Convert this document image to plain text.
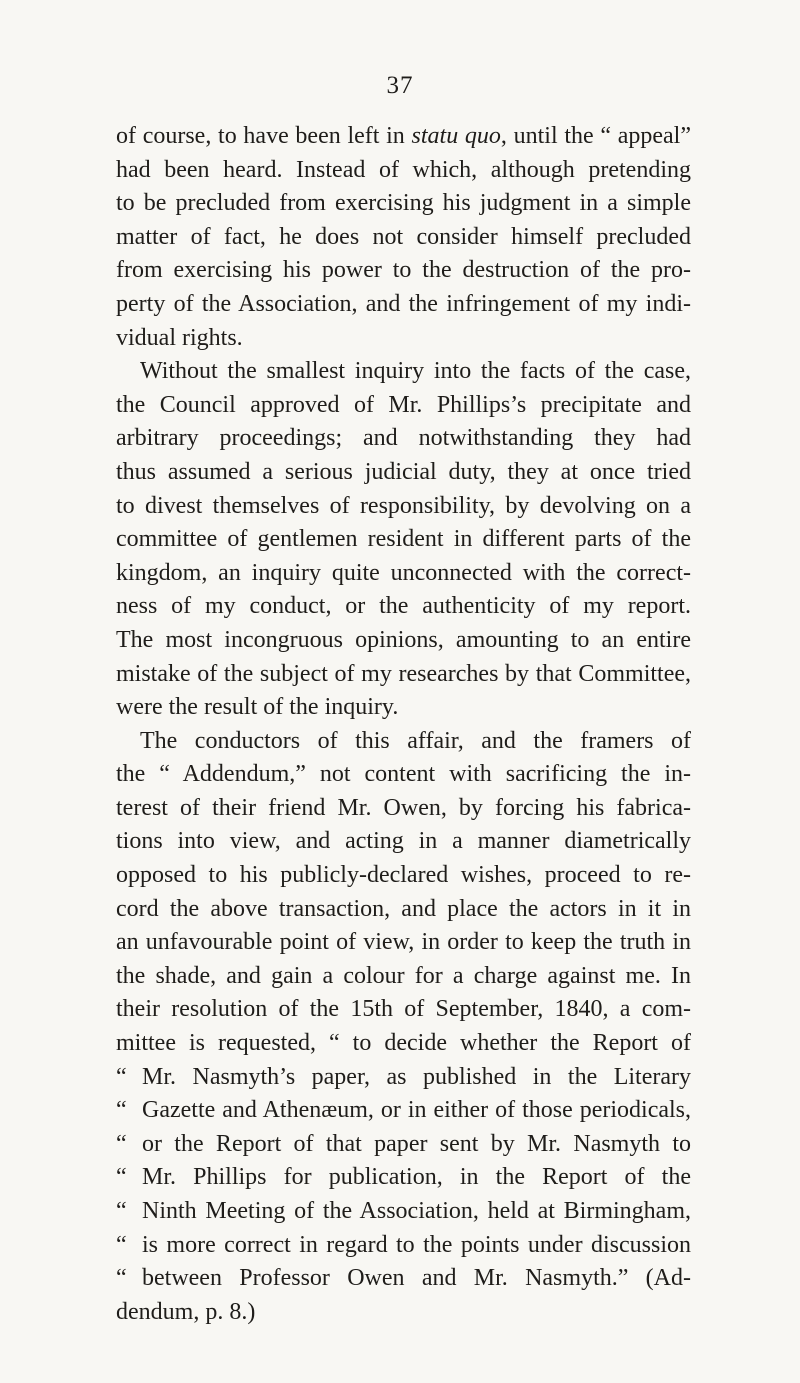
37
of course, to have been left in statu quo, until the “ appeal”
had been heard. Instead of which, although pretending
to be precluded from exercising his judgment in a simple
matter of fact, he does not consider himself precluded
from exercising his power to the destruction of the pro-
perty of the Association, and the infringement of my indi-
vidual rights.
Without the smallest inquiry into the facts of the case,
the Council approved of Mr. Phillips’s precipitate and
arbitrary proceedings; and notwithstanding they had
thus assumed a serious judicial duty, they at once tried
to divest themselves of responsibility, by devolving on a
committee of gentlemen resident in different parts of the
kingdom, an inquiry quite unconnected with the correct-
ness of my conduct, or the authenticity of my report.
The most incongruous opinions, amounting to an entire
mistake of the subject of my researches by that Committee,
were the result of the inquiry.
The conductors of this affair, and the framers of
the “ Addendum,” not content with sacrificing the in-
terest of their friend Mr. Owen, by forcing his fabrica-
tions into view, and acting in a manner diametrically
opposed to his publicly-declared wishes, proceed to re-
cord the above transaction, and place the actors in it in
an unfavourable point of view, in order to keep the truth in
the shade, and gain a colour for a charge against me. In
their resolution of the 15th of September, 1840, a com-
mittee is requested, “ to decide whether the Report of
“ Mr. Nasmyth’s paper, as published in the Literary
“ Gazette and Athenæum, or in either of those periodicals,
“ or the Report of that paper sent by Mr. Nasmyth to
“ Mr. Phillips for publication, in the Report of the
“ Ninth Meeting of the Association, held at Birmingham,
“ is more correct in regard to the points under discussion
“ between Professor Owen and Mr. Nasmyth.” (Ad-
dendum, p. 8.)
